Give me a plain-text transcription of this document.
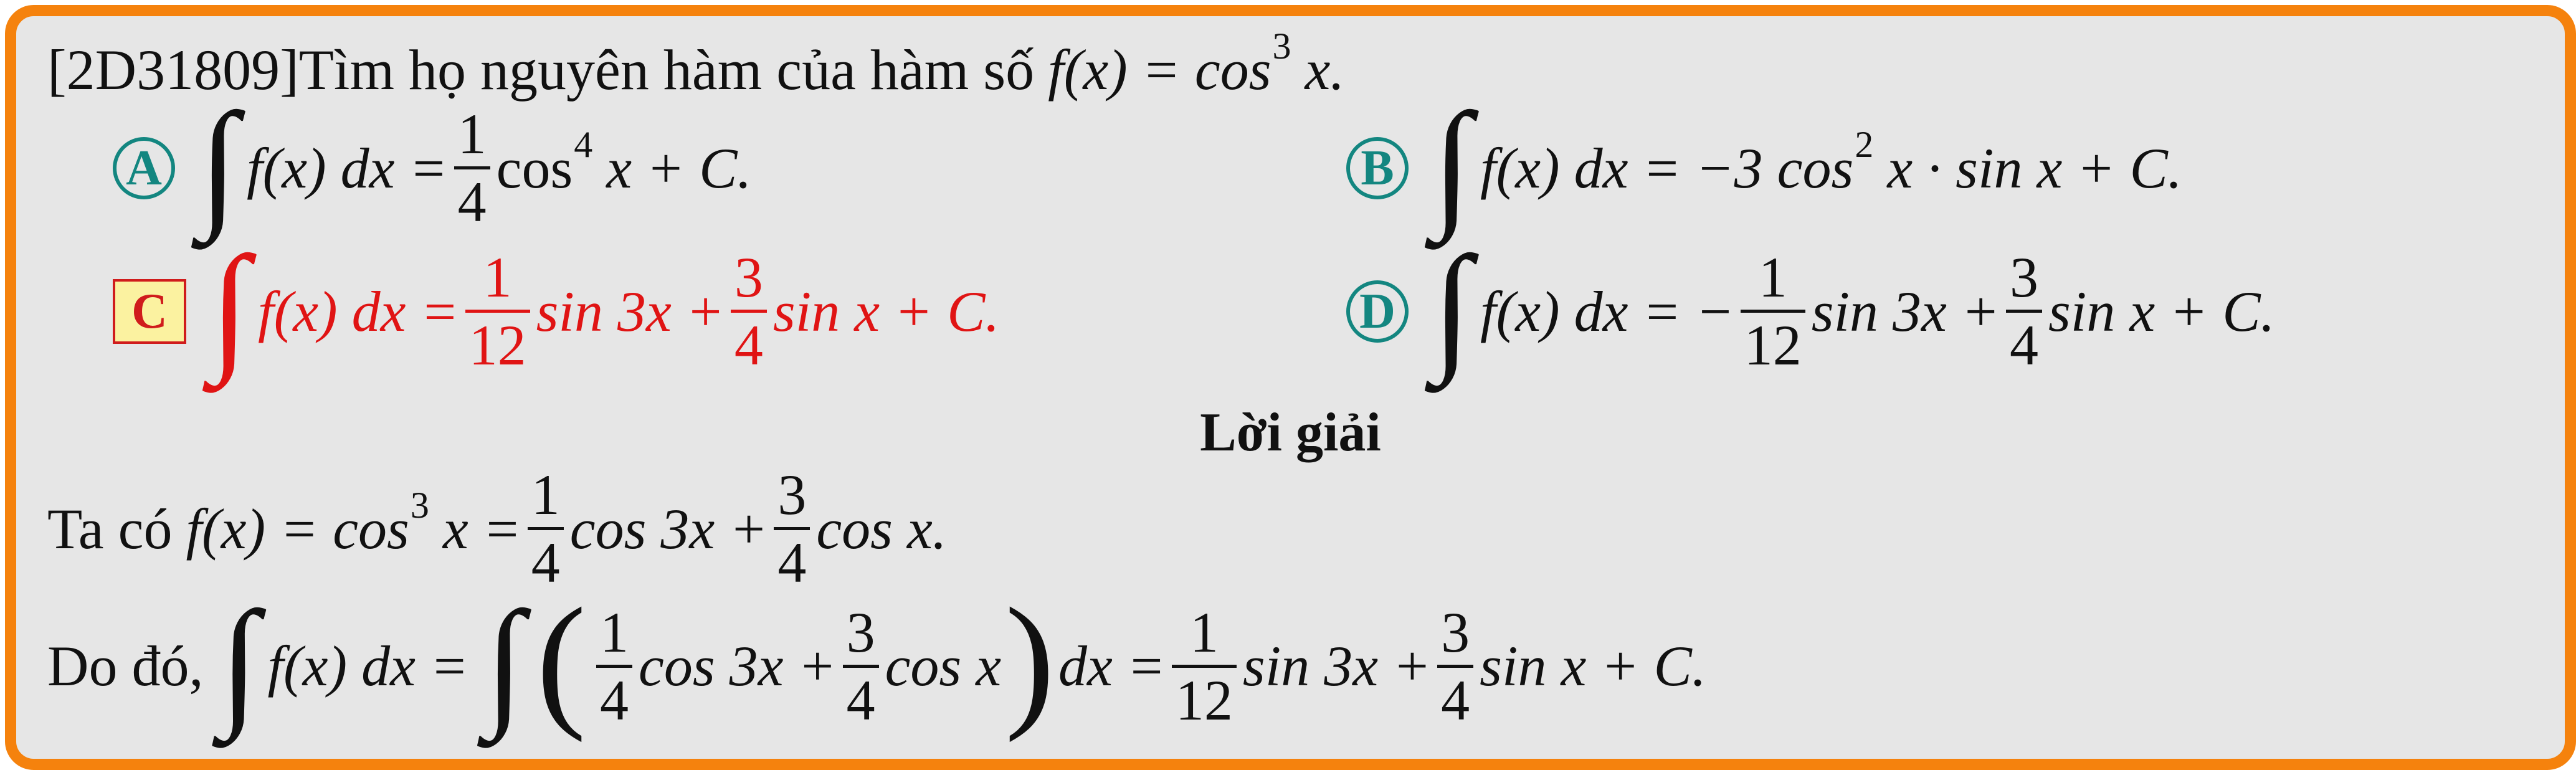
[2D31809] Tìm họ nguyên hàm của hàm số f(x) = cos 3 x.
A ∫ f(x) dx = $\frac{1}{4}$ cos 4 x + C.	B ∫ f(x) dx = −3 cos 2 x · sin x + C.
C ∫ f(x) dx = $\frac{1}{12}$ $\sin 3x + \frac{3}{4}$ sin x + C.	D ∫ f(x) dx = − $\frac{1}{12}$ $\sin 3x + \frac{3}{4}$ sin x + C.
Lời giải
Ta có f(x) = cos 3 $x = \frac{1}{4}$ $\cos 3x + \frac{3}{4}$ cos x.
Do đó, ∫ f(x) dx = ∫ ( $\frac{1}{4}$ $\cos 3x + \frac{3}{4}$ cos x ) dx = $\frac{1}{12}$ $\sin 3x + \frac{3}{4}$ sin x + C.
